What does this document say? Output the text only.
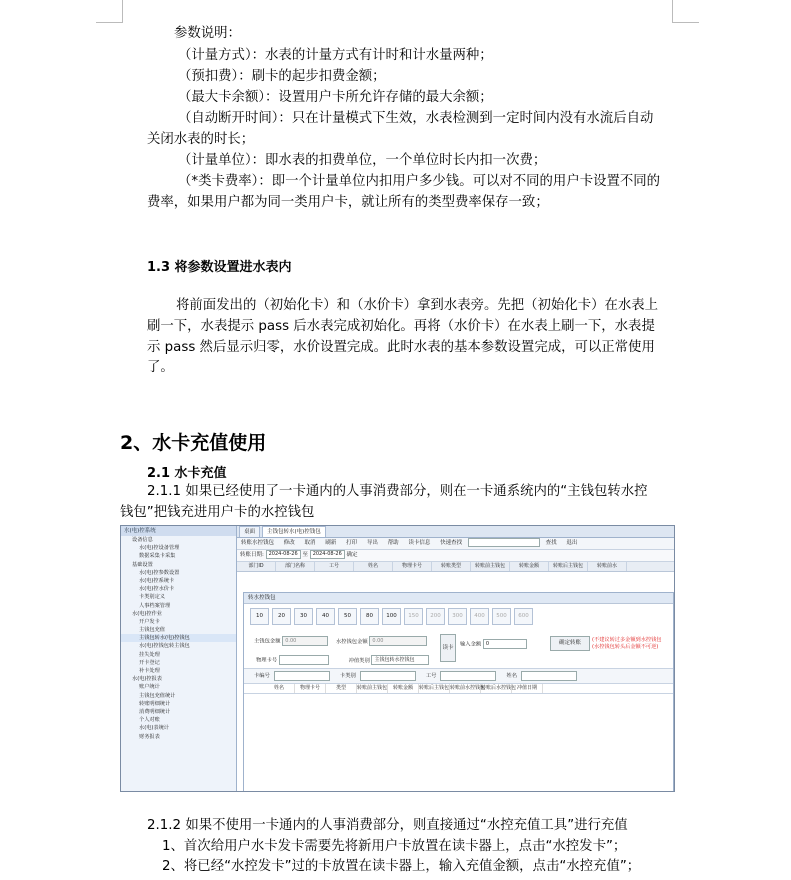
参数说明：
（计量方式）：水表的计量方式有计时和计水量两种；
（预扣费）：刷卡的起步扣费金额；
（最大卡余额）：设置用户卡所允许存储的最大余额；
（自动断开时间）：只在计量模式下生效，水表检测到一定时间内没有水流后自动
关闭水表的时长；
（计量单位）：即水表的扣费单位，一个单位时长内扣一次费；
（*类卡费率）：即一个计量单位内扣用户多少钱。可以对不同的用户卡设置不同的
费率，如果用户都为同一类用户卡，就让所有的类型费率保存一致；
1.3 将参数设置进水表内
将前面发出的（初始化卡）和（水价卡）拿到水表旁。先把（初始化卡）在水表上
刷一下，水表提示 pass 后水表完成初始化。再将（水价卡）在水表上刷一下，水表提
示 pass 然后显示归零，水价设置完成。此时水表的基本参数设置完成，可以正常使用
了。
2、水卡充值使用
2.1 水卡充值
2.1.1 如果已经使用了一卡通内的人事消费部分，则在一卡通系统内的“主钱包转水控
钱包”把钱充进用户卡的水控钱包
水(电)控系统
设备信息
水(电)控设备管理
数据采集卡采集
基础设置
水(电)控参数设置
水(电)控系统卡
水(电)控水价卡
卡类别定义
人事档案管理
水(电)控作业
开户发卡
主钱包充值
主钱包转水(电)控钱包
水(电)控钱包转主钱包
挂失处理
开卡登记
补卡处理
水(电)控报表
账户统计
主钱包充值统计
转账明细统计
消费明细统计
个人对账
水(电)表统计
财务报表
桌面 主钱包转水(电)控钱包
转账水控钱包 修改 取消 刷新 打印 导出 帮助 读卡信息 快速查找	查找 退出
转账日期: 2024-08-26 至 2024-08-26 确定
部门ID	部门名称	工号	姓名	物理卡号	转账类型	转账前主钱包	转账金额	转账后主钱包	转账前水
转水控钱包
10	20	30	40	50	80 100 150 200 300 400 500 600
主钱包金额 0.00	水控钱包金额 0.00
读卡
输入金额 0	确定转账	(不建议转过多金额到水控钱包
(水控钱包转头后金额不可逆)
物理卡号	冲值类别 主钱包转水控钱包
卡编号	卡类别	工号	姓名
姓名	物理卡号	类型 转账前主钱包 转账金额 转账后主钱包转账前水控钱包转账后水控钱包冲值日期
2.1.2 如果不使用一卡通内的人事消费部分，则直接通过“水控充值工具”进行充值
1、首次给用户水卡发卡需要先将新用户卡放置在读卡器上，点击“水控发卡”；
2、将已经“水控发卡”过的卡放置在读卡器上，输入充值金额，点击“水控充值”；
